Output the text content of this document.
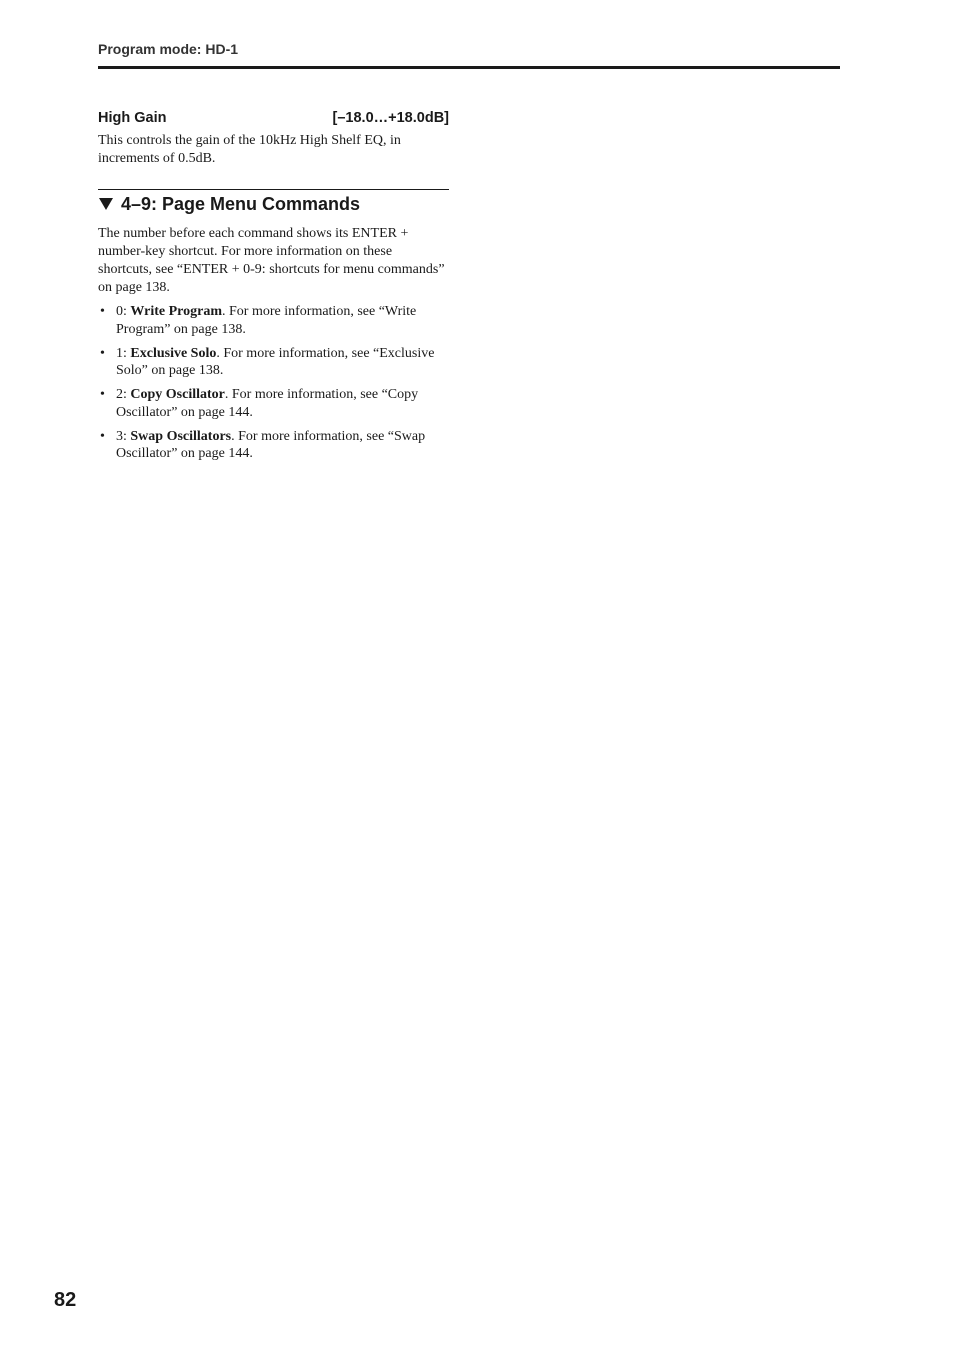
Program mode: HD-1
High Gain	[–18.0…+18.0dB]

This controls the gain of the 10kHz High Shelf EQ, in increments of 0.5dB.

4–9: Page Menu Commands

The number before each command shows its ENTER + number-key shortcut. For more information on these shortcuts, see “ENTER + 0-9: shortcuts for menu commands” on page 138.

• 0: Write Program. For more information, see “Write Program” on page 138.
• 1: Exclusive Solo. For more information, see “Exclusive Solo” on page 138.
• 2: Copy Oscillator. For more information, see “Copy Oscillator” on page 144.
• 3: Swap Oscillators. For more information, see “Swap Oscillator” on page 144.
82
